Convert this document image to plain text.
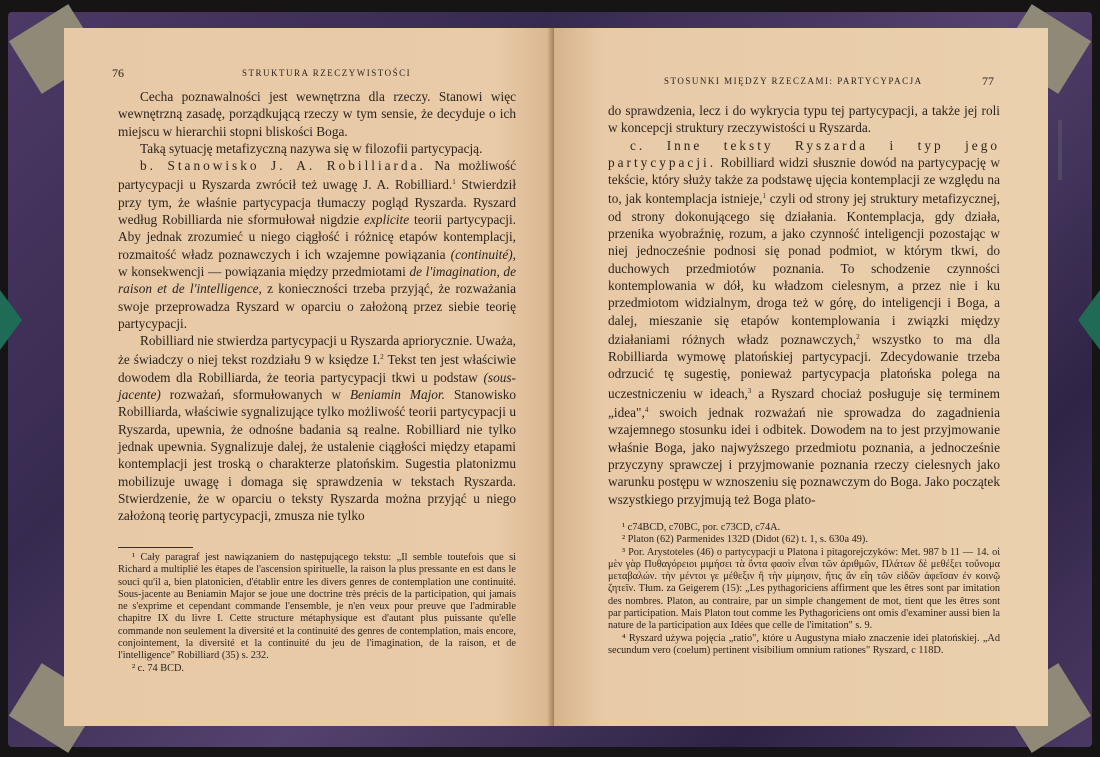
76	STRUKTURA RZECZYWISTOŚCI

Cecha poznawalności jest wewnętrzna dla rzeczy. Stanowi więc wewnętrzną zasadę, porządkującą rzeczy w tym sensie, że decyduje o ich miejscu w hierarchii stopni bliskości Boga.

Taką sytuację metafizyczną nazywa się w filozofii partycypacją.

b. Stanowisko J. A. Robilliarda. Na możliwość partycypacji u Ryszarda zwrócił też uwagę J. A. Robilliard.$^1$ Stwierdził przy tym, że właśnie partycypacja tłumaczy pogląd Ryszarda. Ryszard według Robilliarda nie sformułował nigdzie explicite teorii partycypacji. Aby jednak zrozumieć u niego ciągłość i różnicę etapów kontemplacji, rozmaitość władz poznawczych i ich wzajemne powiązania (continuité), w konsekwencji — powiązania między przedmiotami de l'imagination, de raison et de l'intelligence, z konieczności trzeba przyjąć, że rozważania swoje przeprowadza Ryszard w oparciu o założoną przez siebie teorię partycypacji.

Robilliard nie stwierdza partycypacji u Ryszarda apriorycznie. Uważa, że świadczy o niej tekst rozdziału 9 w księdze I.$^2$ Tekst ten jest właściwie dowodem dla Robilliarda, że teoria partycypacji tkwi u podstaw (sous-jacente) rozważań, sformułowanych w Beniamin Major. Stanowisko Robilliarda, właściwie sygnalizujące tylko możliwość teorii partycypacji u Ryszarda, upewnia, że odnośne badania są realne. Robilliard nie tylko jednak upewnia. Sygnalizuje dalej, że ustalenie ciągłości między etapami kontemplacji jest troską o charakterze platońskim. Sugestia platonizmu mobilizuje uwagę i domaga się sprawdzenia w tekstach Ryszarda. Stwierdzenie, że w oparciu o teksty Ryszarda można przyjąć u niego założoną teorię partycypacji, zmusza nie tylko

¹ Cały paragraf jest nawiązaniem do następującego tekstu: „Il semble toutefois que si Richard a multiplié les étapes de l'ascension spirituelle, la raison la plus pressante en est dans le souci qu'il a, bien platonicien, d'établir entre les divers genres de contemplation une continuité. Sous-jacente au Beniamin Major se joue une doctrine très précis de la participation, qui jamais ne s'exprime et cependant commande l'ensemble, je n'en veux pour preuve que l'admirable chapitre IX du livre I. Cette structure métaphysique est d'autant plus puissante qu'elle commande non seulement la diversité et la continuité des genres de contemplation, mais encore, conjointement, la diversité et la continuité du jeu de l'imagination, de la raison, et de l'intelligence" Robilliard (35) s. 232.

² c. 74 BCD.

STOSUNKI MIĘDZY RZECZAMI: PARTYCYPACJA	77

do sprawdzenia, lecz i do wykrycia typu tej partycypacji, a także jej roli w koncepcji struktury rzeczywistości u Ryszarda.

c. Inne teksty Ryszarda i typ jego partycypacji. Robilliard widzi słusznie dowód na partycypację w tekście, który służy także za podstawę ujęcia kontemplacji ze względu na to, jak kontemplacja istnieje,$^1$ czyli od strony jej struktury metafizycznej, od strony dokonującego się działania. Kontemplacja, gdy działa, przenika wyobraźnię, rozum, a jako czynność inteligencji pozostając w niej jednocześnie podnosi się ponad podmiot, w którym tkwi, do duchowych przedmiotów poznania. To schodzenie czynności kontemplowania w dół, ku władzom cielesnym, a przez nie i ku przedmiotom widzialnym, droga też w górę, do inteligencji i Boga, a dalej, mieszanie się etapów kontemplowania i związki między działaniami różnych władz poznawczych,$^2$ wszystko to ma dla Robilliarda wymowę platońskiej partycypacji. Zdecydowanie trzeba odrzucić tę sugestię, ponieważ partycypacja platońska polega na uczestniczeniu w ideach,$^3$ a Ryszard chociaż posługuje się terminem „idea",$^4$ swoich jednak rozważań nie sprowadza do zagadnienia wzajemnego stosunku idei i odbitek. Dowodem na to jest przyjmowanie właśnie Boga, jako najwyższego przedmiotu poznania, a jednocześnie przyczyny sprawczej i przyjmowanie poznania rzeczy cielesnych jako warunku postępu w wznoszeniu się poznawczym do Boga. Jako początek wszystkiego przyjmują też Boga plato-

¹ c74BCD, c70BC, por. c73CD, c74A.

² Platon (62) Parmenides 132D (Didot (62) t. 1, s. 630a 49).

³ Por. Arystoteles (46) o partycypacji u Platona i pitagorejczyków: Met. 987 b 11 — 14. οἱ μὲν γὰρ Πυθαγόρειοι μιμήσει τὰ ὄντα φασὶν εἶναι τῶν ἀριθμῶν, Πλάτων δὲ μεθέξει τοὔνομα μεταβαλών. τὴν μέντοι γε μέθεξιν ἢ τὴν μίμησιν, ἥτις ἂν εἴη τῶν εἰδῶν ἀφεῖσαν ἐν κοινῷ ζητεῖν. Tłum. za Geigerem (15): „Les pythagoriciens affirment que les êtres sont par imitation des nombres. Platon, au contraire, par un simple changement de mot, tient que les êtres sont par participation. Mais Platon tout comme les Pythagoriciens ont omis d'examiner aussi bien la nature de la participation aux Idées que celle de l'imitation" s. 9.

⁴ Ryszard używa pojęcia „ratio", które u Augustyna miało znaczenie idei platońskiej. „Ad secundum vero (coelum) pertinent visibilium omnium rationes" Ryszard, c 118D.
